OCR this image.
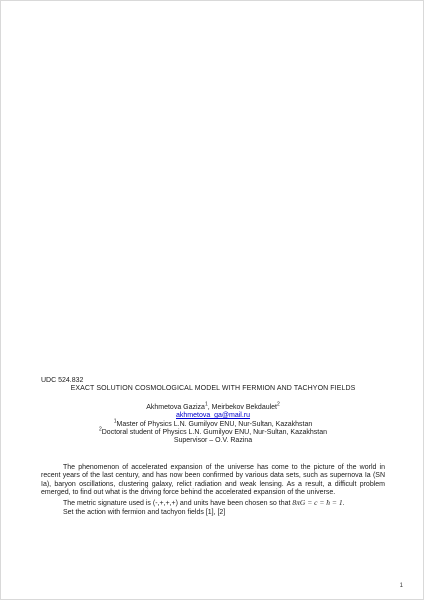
UDC 524.832

EXACT SOLUTION COSMOLOGICAL MODEL WITH FERMION AND TACHYON FIELDS

Akhmetova Gaziza$^1$, Meirbekov Bekdaulet$^2$

akhmetova_ga@mail.ru

$^1$Master of Physics L.N. Gumilyov ENU, Nur-Sultan, Kazakhstan

$^2$Doctoral student of Physics L.N. Gumilyov ENU, Nur-Sultan, Kazakhstan

Supervisor – O.V. Razina

The phenomenon of accelerated expansion of the universe has come to the picture of the world in recent years of the last century, and has now been confirmed by various data sets, such as supernova Ia (SN Ia), baryon oscillations, clustering galaxy, relict radiation and weak lensing. As a result, a difficult problem emerged, to find out what is the driving force behind the accelerated expansion of the universe.

The metric signature used is (-,+,+,+) and units have been chosen so that 8πG = c = ħ = 1.

Set the action with fermion and tachyon fields [1], [2]

1
